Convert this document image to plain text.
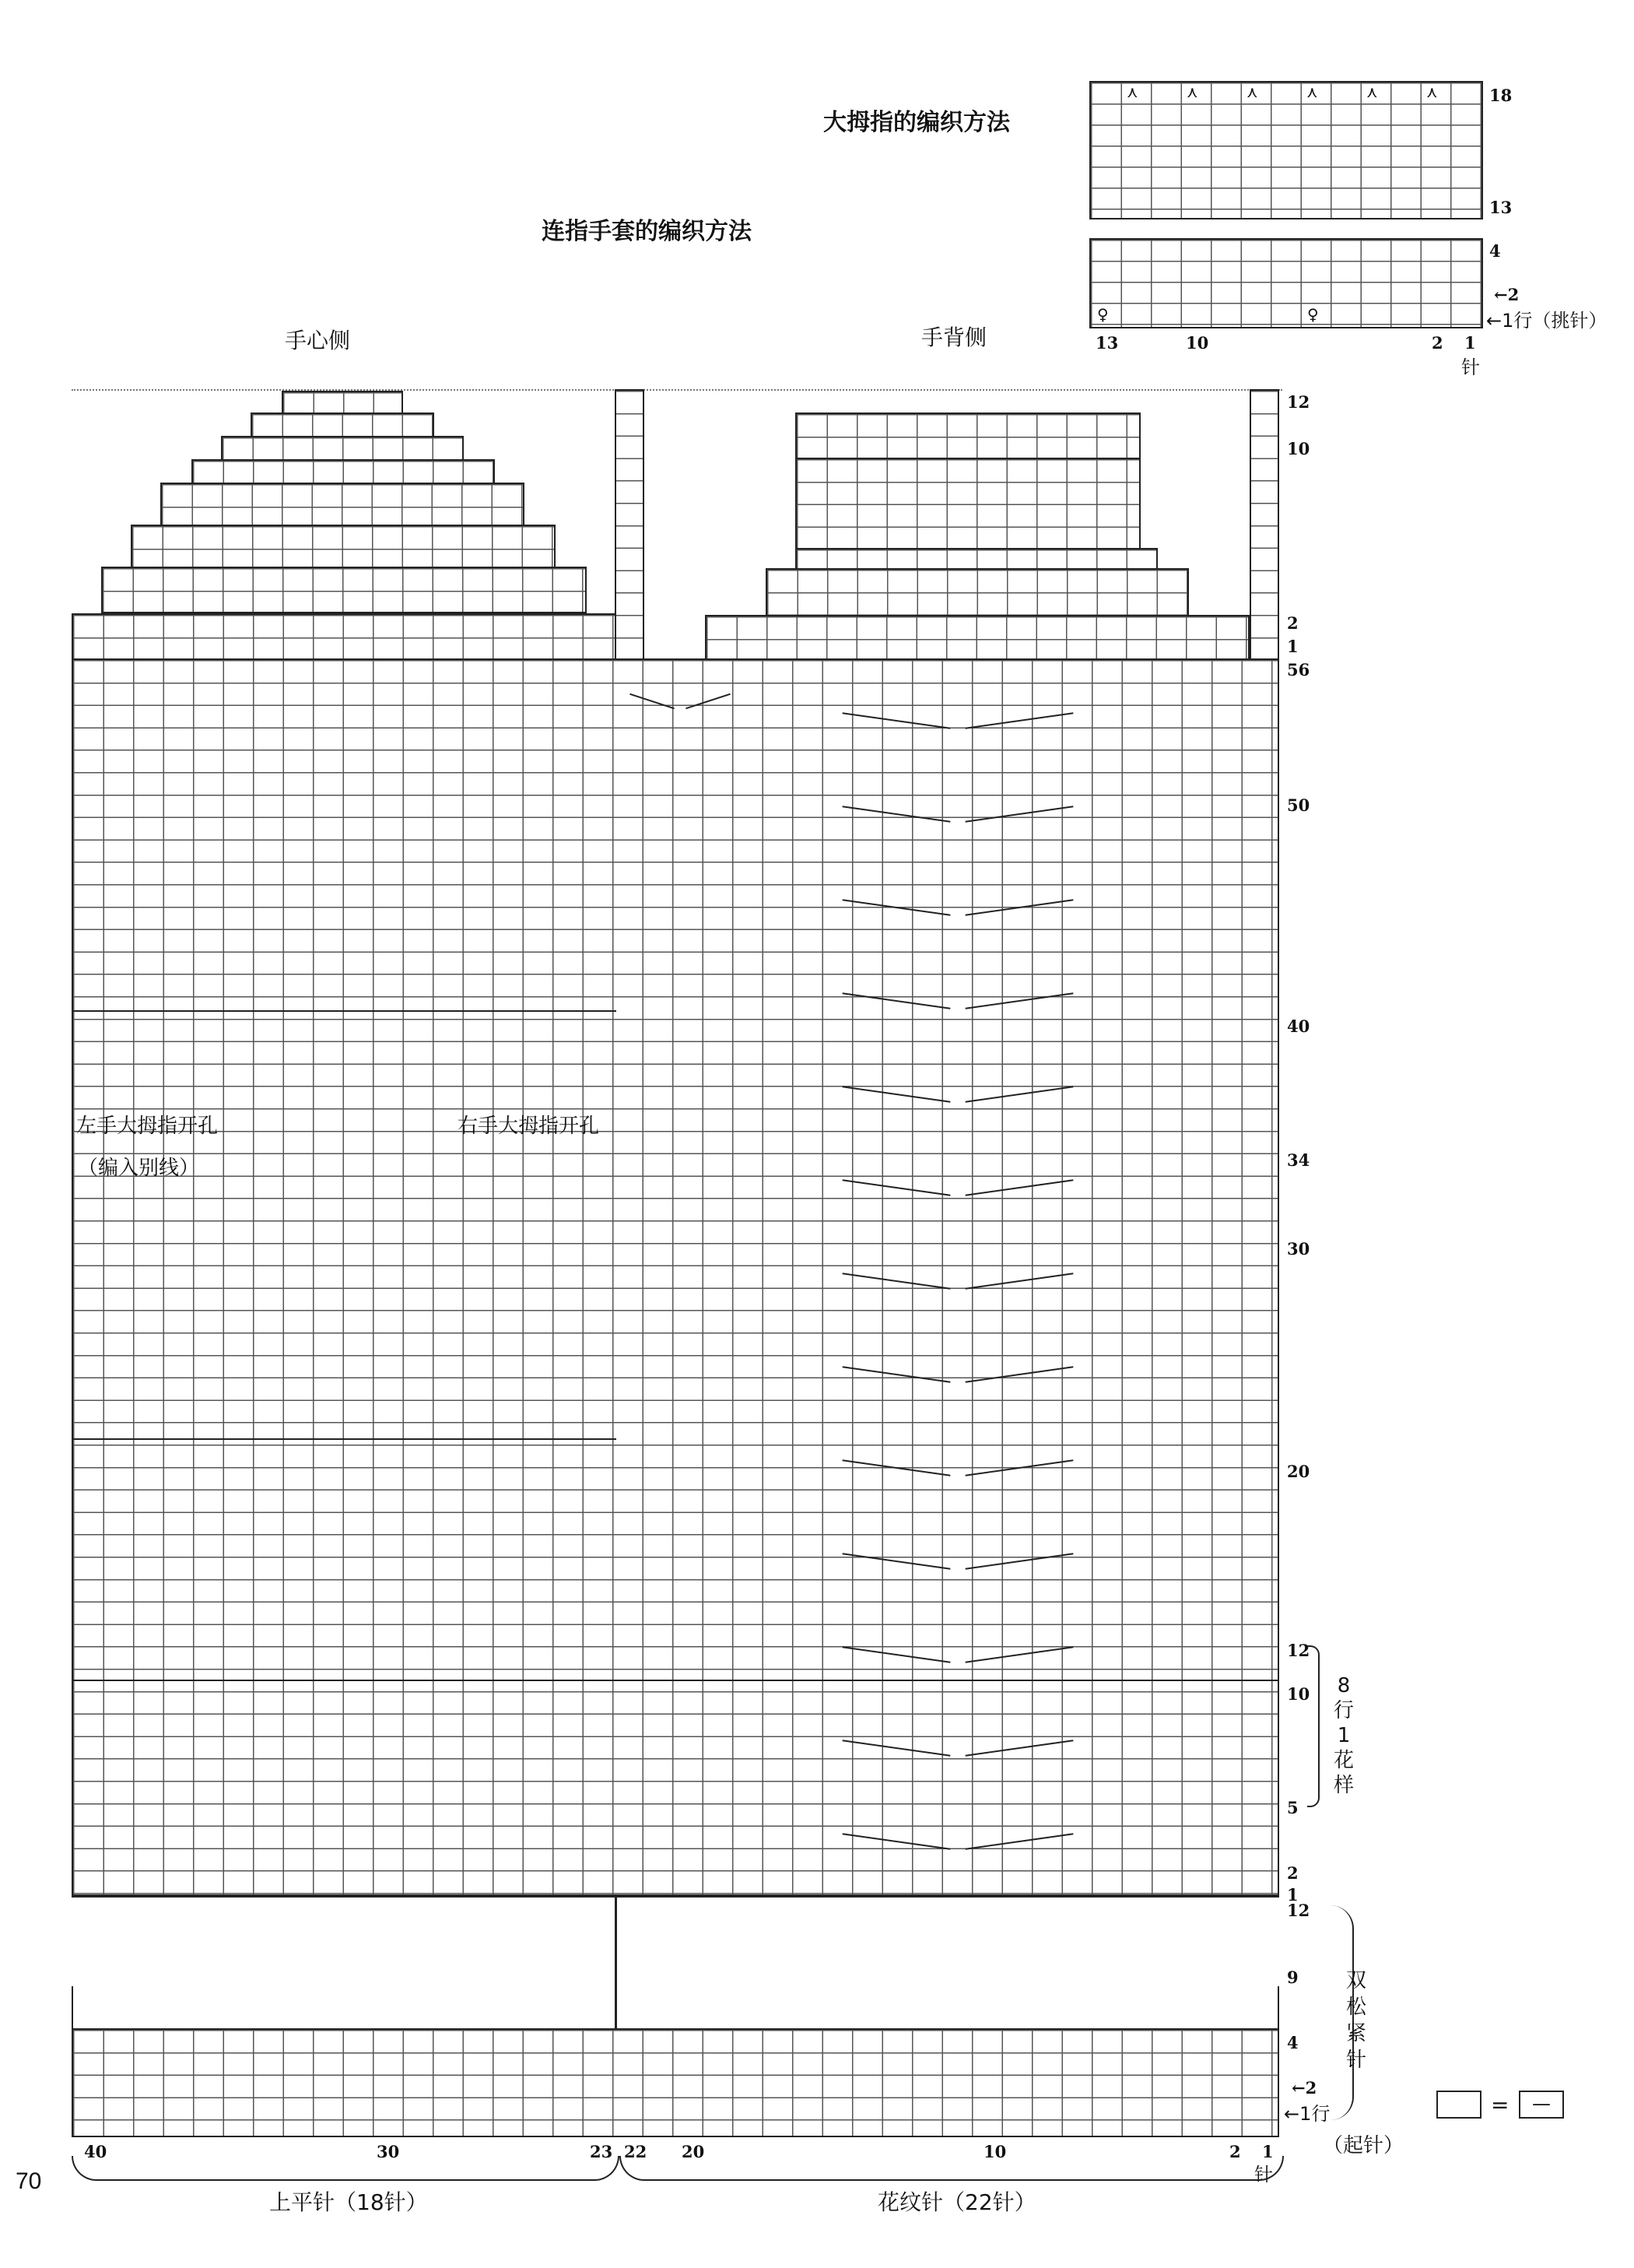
大拇指的编织方法
连指手套的编织方法
手心侧	手背侧
⋏	⋏	⋏	⋏	⋏	⋏
♀	♀
18
13
4
←2
←1行（挑针）
13	10	2 1
针
左手大拇指开孔	右手大拇指开孔
（编入别线）
12
10
2
1
56
50
40
34
30
20
12
10
5
2
1
8行1花样
12
9
4
←2
←1行
双松紧针
（起针）
40	30	23 22 20	10	2 1
针
上平针（18针）	花纹针（22针）
=	—
70
